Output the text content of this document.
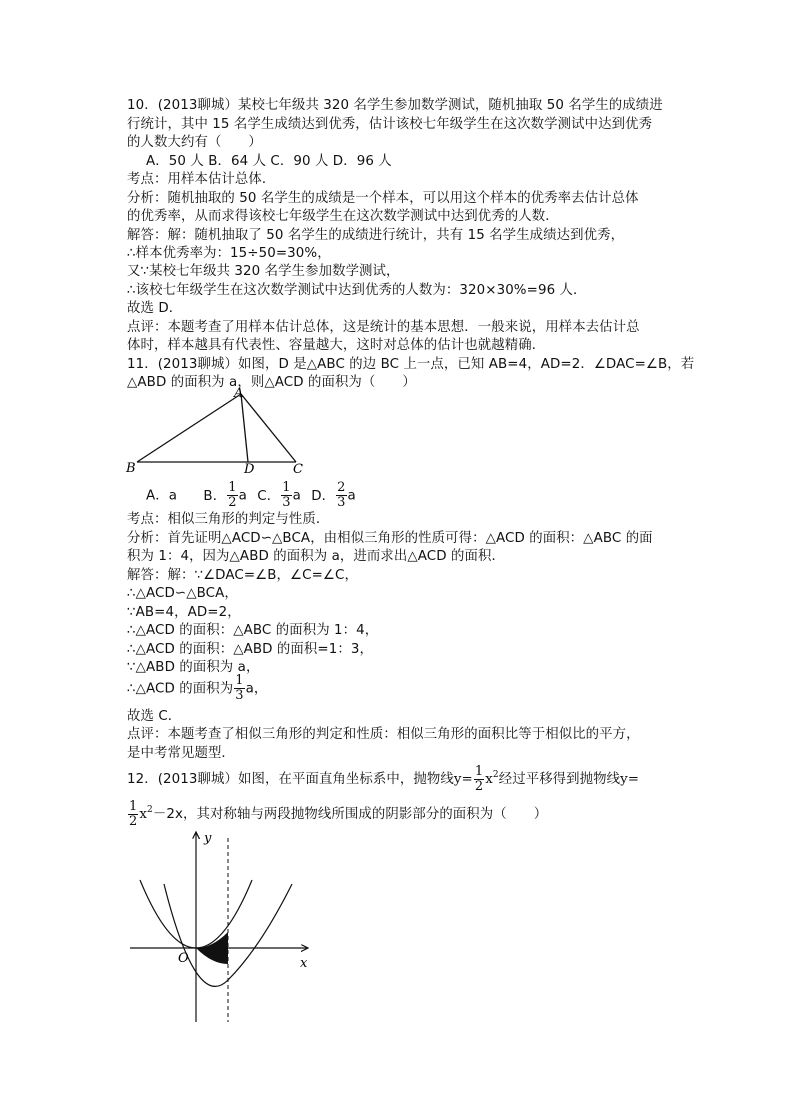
10．(2013聊城）某校七年级共 320 名学生参加数学测试，随机抽取 50 名学生的成绩进
行统计，其中 15 名学生成绩达到优秀，估计该校七年级学生在这次数学测试中达到优秀
的人数大约有（　　）
A．50 人 B．64 人 C．90 人 D．96 人
考点：用样本估计总体．
分析：随机抽取的 50 名学生的成绩是一个样本，可以用这个样本的优秀率去估计总体
的优秀率，从而求得该校七年级学生在这次数学测试中达到优秀的人数．
解答：解：随机抽取了 50 名学生的成绩进行统计，共有 15 名学生成绩达到优秀，
∴样本优秀率为：15÷50=30%，
又∵某校七年级共 320 名学生参加数学测试，
∴该校七年级学生在这次数学测试中达到优秀的人数为：320×30%=96 人．
故选 D．
点评：本题考查了用样本估计总体，这是统计的基本思想．一般来说，用样本去估计总
体时，样本越具有代表性、容量越大，这时对总体的估计也就越精确．
11．(2013聊城）如图，D 是△ABC 的边 BC 上一点，已知 AB=4，AD=2．∠DAC=∠B，若
△ABD 的面积为 a，则△ACD 的面积为（　　）
A
B	D	C
A．a B． $\frac{1}{2}$ a C． $\frac{1}{3}$ a D． $\frac{2}{3}$ a
考点：相似三角形的判定与性质．
分析：首先证明△ACD∽△BCA，由相似三角形的性质可得：△ACD 的面积：△ABC 的面
积为 1：4，因为△ABD 的面积为 a，进而求出△ACD 的面积．
解答：解：∵∠DAC=∠B，∠C=∠C，
∴△ACD∽△BCA，
∵AB=4，AD=2，
∴△ACD 的面积：△ABC 的面积为 1：4，
∴△ACD 的面积：△ABD 的面积=1：3，
∵△ABD 的面积为 a，
∴△ACD 的面积为 $\frac{1}{3}$ a，
故选 C．
点评：本题考查了相似三角形的判定和性质：相似三角形的面积比等于相似比的平方，
是中考常见题型．
12．(2013聊城）如图，在平面直角坐标系中，抛物线$y= \frac{1}{2} x^2$经过平移得到抛物线y=
$\frac{1}{2} x^2-2x$，其对称轴与两段抛物线所围成的阴影部分的面积为（　　）
y
x
O
